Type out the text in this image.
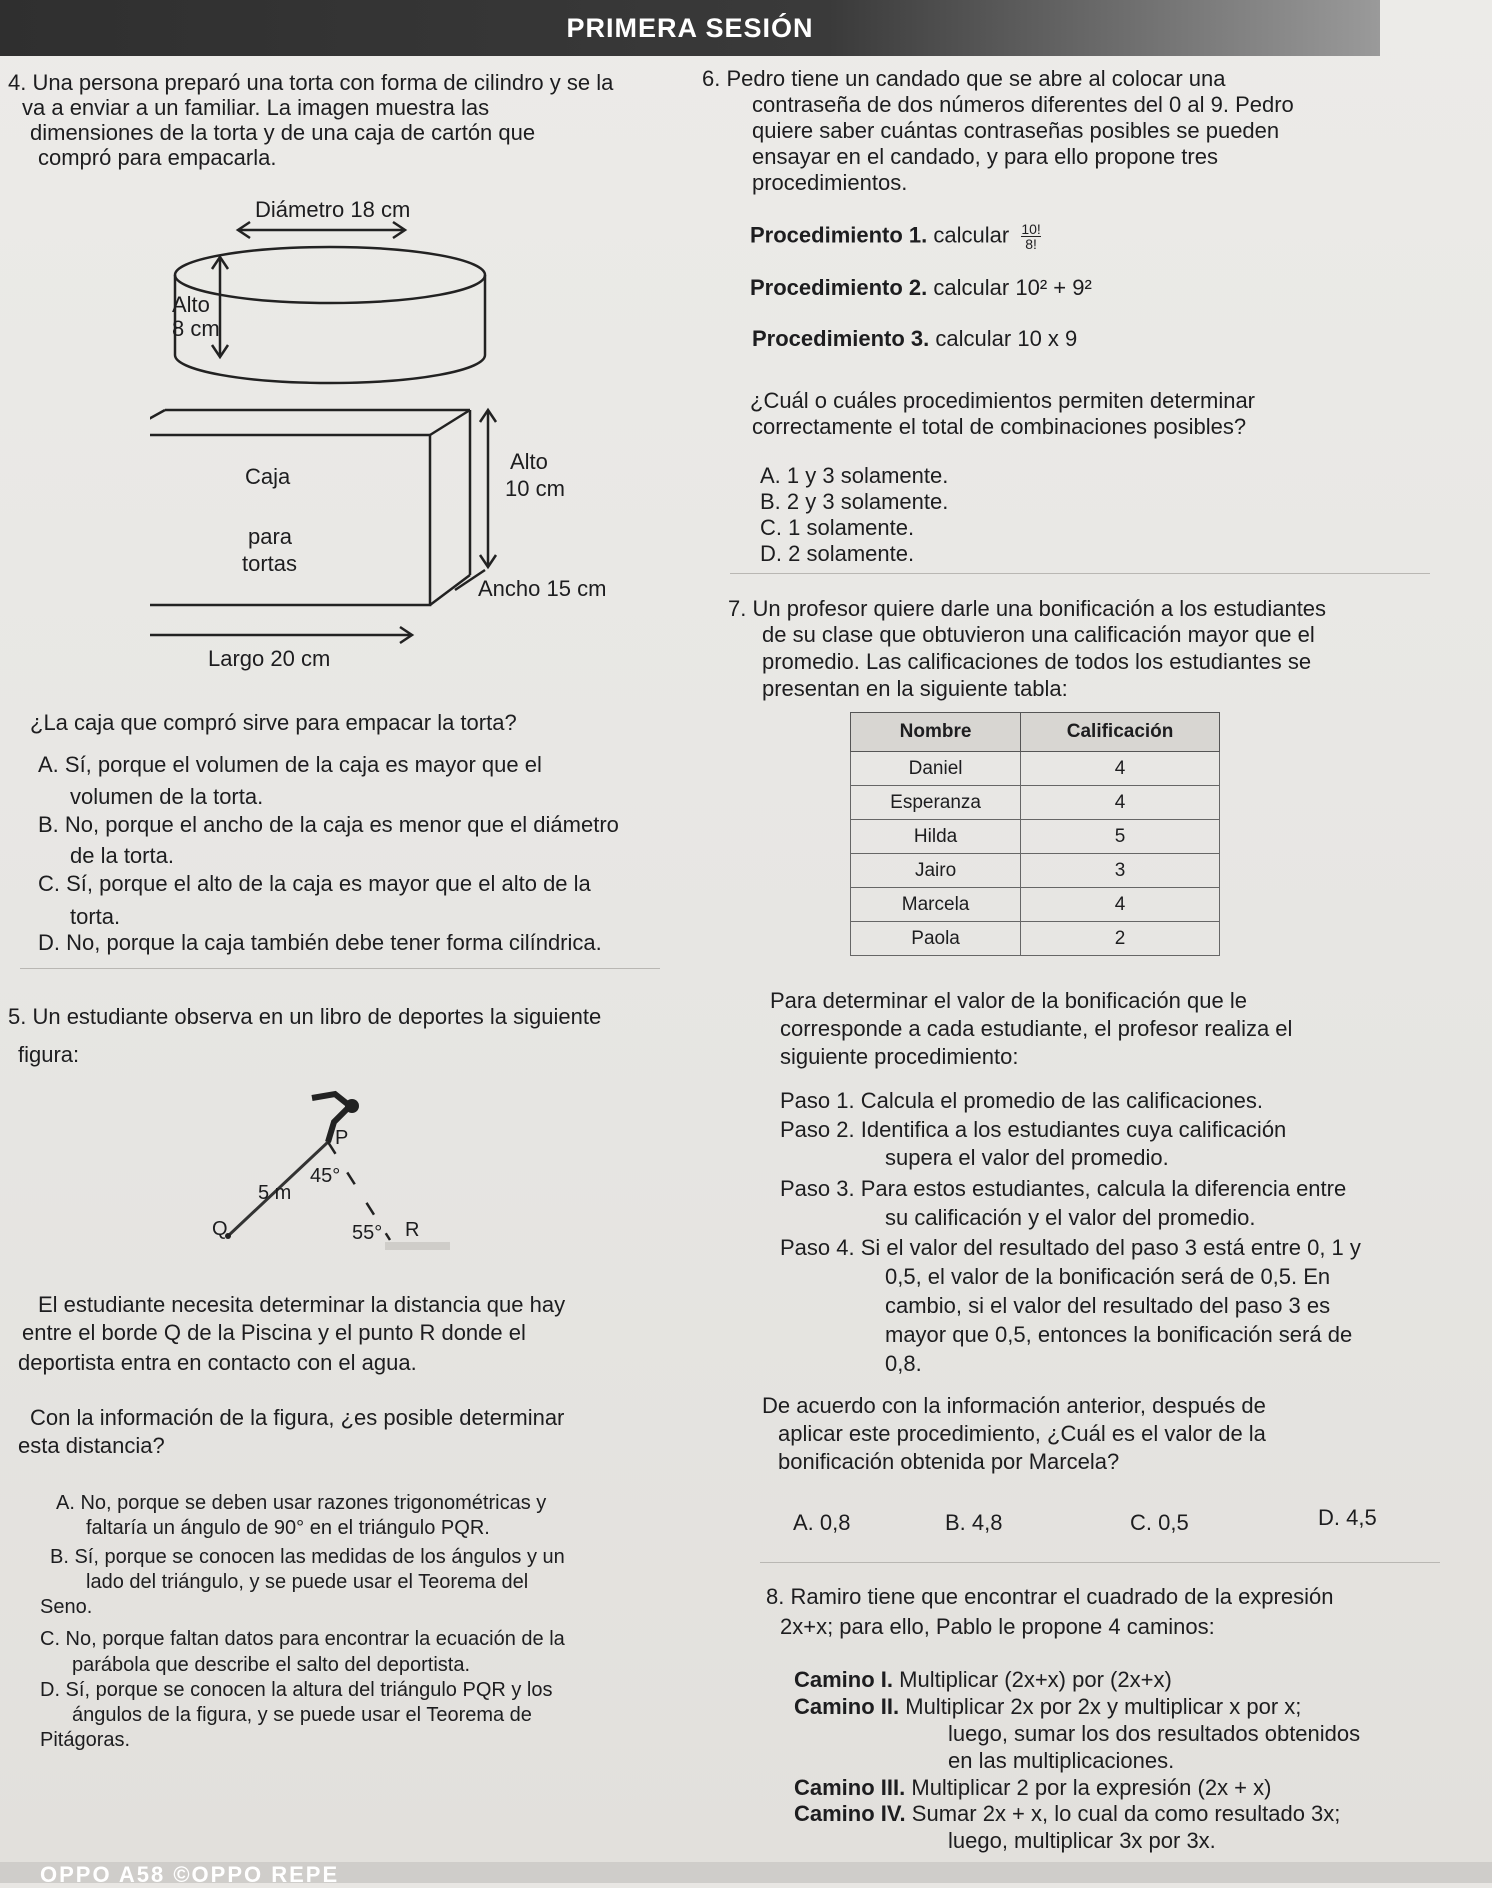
PRIMERA SESIÓN
4. Una persona preparó una torta con forma de cilindro y se la
va a enviar a un familiar. La imagen muestra las
dimensiones de la torta y de una caja de cartón que
compró para empacarla.
Diámetro 18 cm
Alto
8 cm
Alto
10 cm
Caja
para
tortas
Ancho 15 cm
Largo 20 cm
¿La caja que compró sirve para empacar la torta?
A. Sí, porque el volumen de la caja es mayor que el
volumen de la torta.
B. No, porque el ancho de la caja es menor que el diámetro
de la torta.
C. Sí, porque el alto de la caja es mayor que el alto de la
torta.
D. No, porque la caja también debe tener forma cilíndrica.
5. Un estudiante observa en un libro de deportes la siguiente
figura:
P
45°
5 m
Q	55° R
El estudiante necesita determinar la distancia que hay
entre el borde Q de la Piscina y el punto R donde el
deportista entra en contacto con el agua.
Con la información de la figura, ¿es posible determinar
esta distancia?
A. No, porque se deben usar razones trigonométricas y
faltaría un ángulo de 90° en el triángulo PQR.
B. Sí, porque se conocen las medidas de los ángulos y un
lado del triángulo, y se puede usar el Teorema del
Seno.
C. No, porque faltan datos para encontrar la ecuación de la
parábola que describe el salto del deportista.
D. Sí, porque se conocen la altura del triángulo PQR y los
ángulos de la figura, y se puede usar el Teorema de
Pitágoras.
6. Pedro tiene un candado que se abre al colocar una
contraseña de dos números diferentes del 0 al 9. Pedro
quiere saber cuántas contraseñas posibles se pueden
ensayar en el candado, y para ello propone tres
procedimientos.
Procedimiento 1. calcular $\frac{10!}{8!}$
Procedimiento 2. calcular 10² + 9²
Procedimiento 3. calcular 10 x 9
¿Cuál o cuáles procedimientos permiten determinar
correctamente el total de combinaciones posibles?
A. 1 y 3 solamente.
B. 2 y 3 solamente.
C. 1 solamente.
D. 2 solamente.
7. Un profesor quiere darle una bonificación a los estudiantes
de su clase que obtuvieron una calificación mayor que el
promedio. Las calificaciones de todos los estudiantes se
presentan en la siguiente tabla:
Nombre	Calificación
Daniel	4
Esperanza	4
Hilda	5
Jairo	3
Marcela	4
Paola	2
Para determinar el valor de la bonificación que le
corresponde a cada estudiante, el profesor realiza el
siguiente procedimiento:
Paso 1. Calcula el promedio de las calificaciones.
Paso 2. Identifica a los estudiantes cuya calificación
supera el valor del promedio.
Paso 3. Para estos estudiantes, calcula la diferencia entre
su calificación y el valor del promedio.
Paso 4. Si el valor del resultado del paso 3 está entre 0, 1 y
0,5, el valor de la bonificación será de 0,5. En
cambio, si el valor del resultado del paso 3 es
mayor que 0,5, entonces la bonificación será de
0,8.
De acuerdo con la información anterior, después de
aplicar este procedimiento, ¿Cuál es el valor de la
bonificación obtenida por Marcela?
A. 0,8	B. 4,8	C. 0,5	D. 4,5
8. Ramiro tiene que encontrar el cuadrado de la expresión
2x+x; para ello, Pablo le propone 4 caminos:
Camino I. Multiplicar (2x+x) por (2x+x)
Camino II. Multiplicar 2x por 2x y multiplicar x por x;
luego, sumar los dos resultados obtenidos
en las multiplicaciones.
Camino III. Multiplicar 2 por la expresión (2x + x)
Camino IV. Sumar 2x + x, lo cual da como resultado 3x;
luego, multiplicar 3x por 3x.
OPPO A58 ©OPPO REPE
